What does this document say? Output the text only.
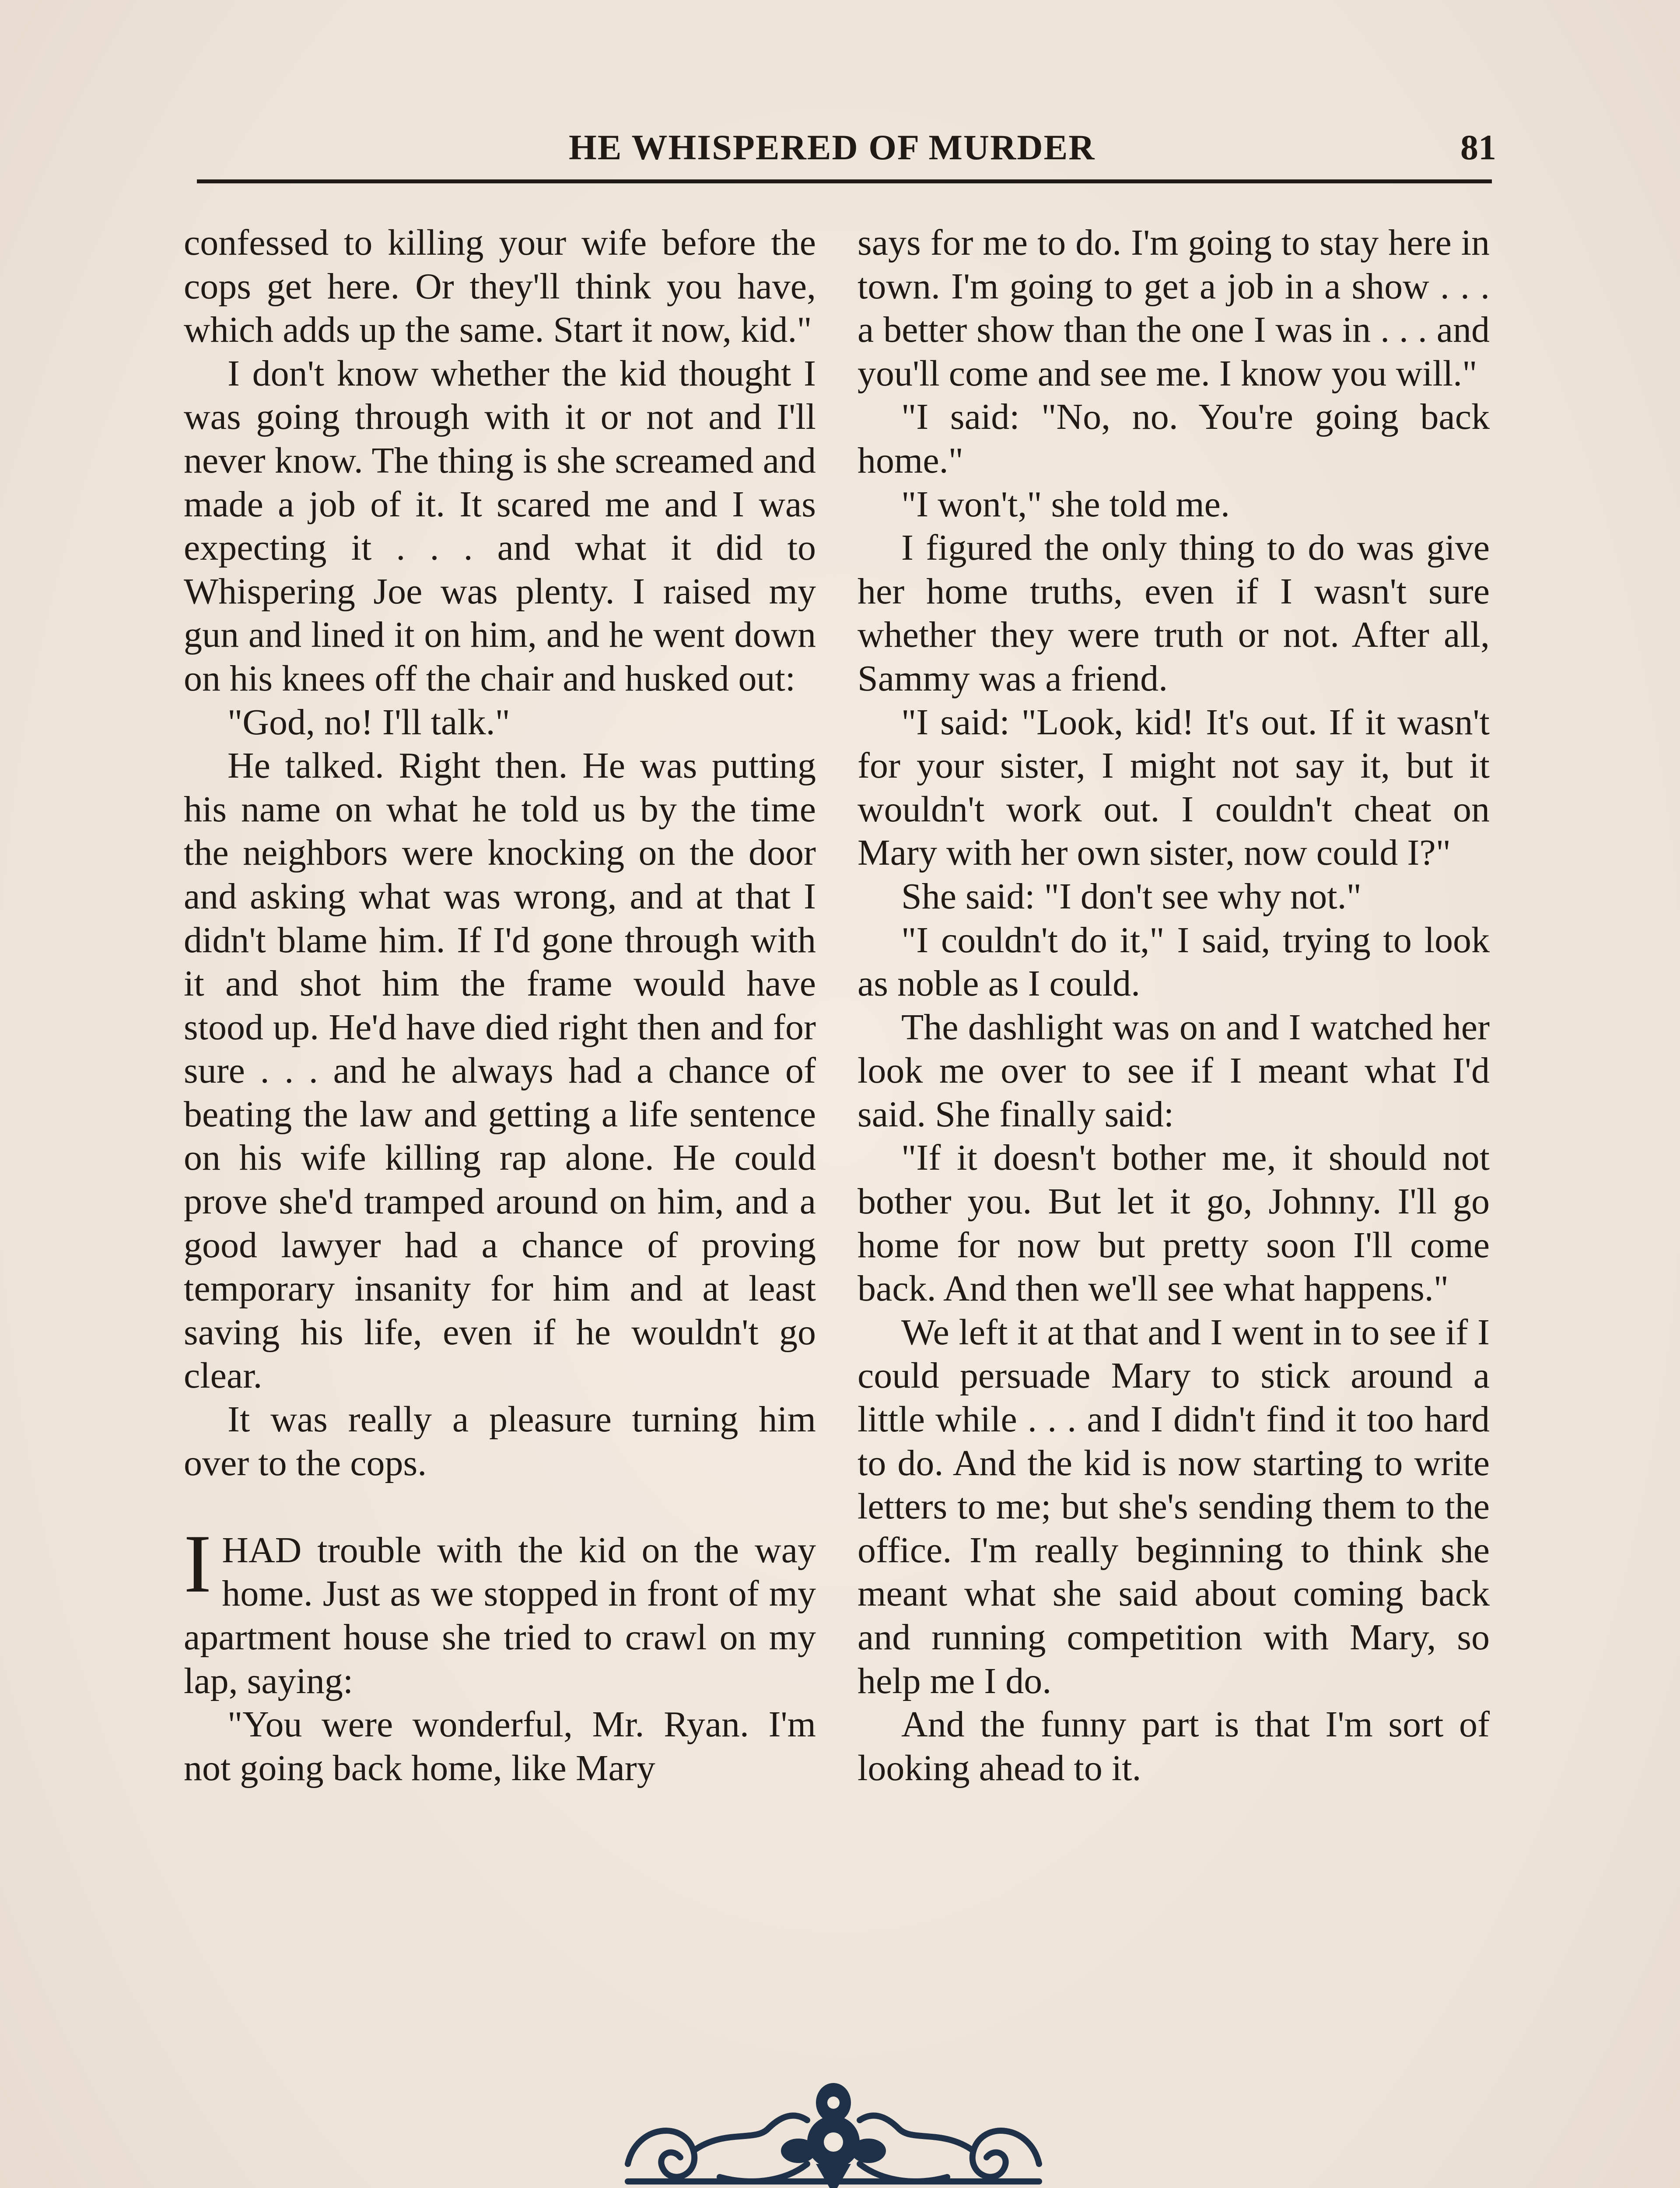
HE WHISPERED OF MURDER	81

confessed to killing your wife before the cops get here. Or they'll think you have, which adds up the same. Start it now, kid."

I don't know whether the kid thought I was going through with it or not and I'll never know. The thing is she screamed and made a job of it. It scared me and I was expecting it . . . and what it did to Whispering Joe was plenty. I raised my gun and lined it on him, and he went down on his knees off the chair and husked out:

"God, no! I'll talk."

He talked. Right then. He was putting his name on what he told us by the time the neighbors were knocking on the door and asking what was wrong, and at that I didn't blame him. If I'd gone through with it and shot him the frame would have stood up. He'd have died right then and for sure . . . and he always had a chance of beating the law and getting a life sentence on his wife killing rap alone. He could prove she'd tramped around on him, and a good lawyer had a chance of proving temporary insanity for him and at least saving his life, even if he wouldn't go clear.

It was really a pleasure turning him over to the cops.

IHAD trouble with the kid on the way home. Just as we stopped in front of my apartment house she tried to crawl on my lap, saying:

"You were wonderful, Mr. Ryan. I'm not going back home, like Mary

says for me to do. I'm going to stay here in town. I'm going to get a job in a show . . . a better show than the one I was in . . . and you'll come and see me. I know you will."

"I said: "No, no. You're going back home."

"I won't," she told me.

I figured the only thing to do was give her home truths, even if I wasn't sure whether they were truth or not. After all, Sammy was a friend.

"I said: "Look, kid! It's out. If it wasn't for your sister, I might not say it, but it wouldn't work out. I couldn't cheat on Mary with her own sister, now could I?"

She said: "I don't see why not."

"I couldn't do it," I said, trying to look as noble as I could.

The dashlight was on and I watched her look me over to see if I meant what I'd said. She finally said:

"If it doesn't bother me, it should not bother you. But let it go, Johnny. I'll go home for now but pretty soon I'll come back. And then we'll see what happens."

We left it at that and I went in to see if I could persuade Mary to stick around a little while . . . and I didn't find it too hard to do. And the kid is now starting to write letters to me; but she's sending them to the office. I'm really beginning to think she meant what she said about coming back and running competition with Mary, so help me I do.

And the funny part is that I'm sort of looking ahead to it.
